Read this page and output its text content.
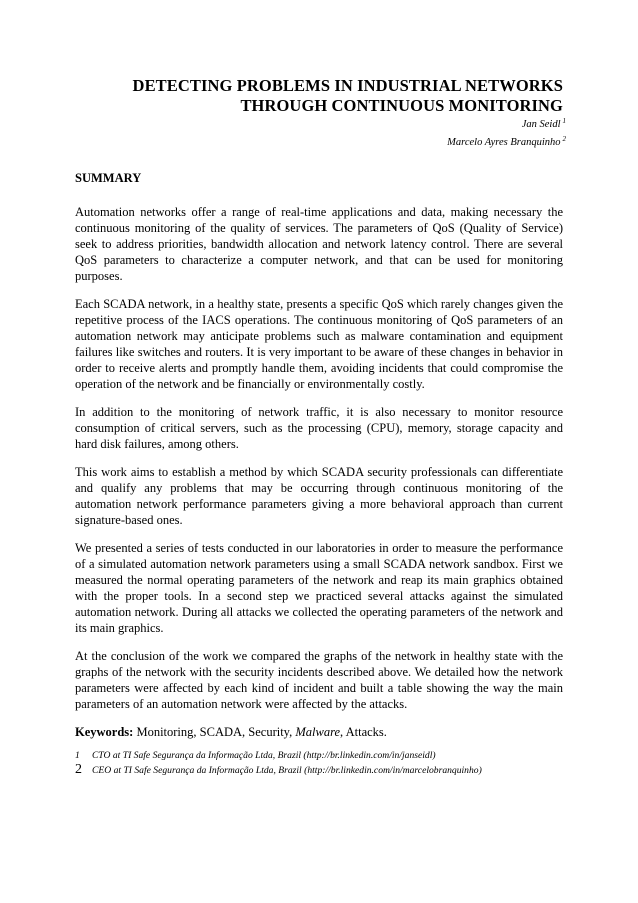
DETECTING PROBLEMS IN INDUSTRIAL NETWORKS
THROUGH CONTINUOUS MONITORING
Jan Seidl $^1$
Marcelo Ayres Branquinho $^2$
SUMMARY

Automation networks offer a range of real-time applications and data, making necessary the continuous monitoring of the quality of services. The parameters of QoS (Quality of Service) seek to address priorities, bandwidth allocation and network latency control. There are several QoS parameters to characterize a computer network, and that can be used for monitoring purposes.

Each SCADA network, in a healthy state, presents a specific QoS which rarely changes given the repetitive process of the IACS operations. The continuous monitoring of QoS parameters of an automation network may anticipate problems such as malware contamination and equipment failures like switches and routers. It is very important to be aware of these changes in behavior in order to receive alerts and promptly handle them, avoiding incidents that could compromise the operation of the network and be financially or environmentally costly.

In addition to the monitoring of network traffic, it is also necessary to monitor resource consumption of critical servers, such as the processing (CPU), memory, storage capacity and hard disk failures, among others.

This work aims to establish a method by which SCADA security professionals can differentiate and qualify any problems that may be occurring through continuous monitoring of the automation network performance parameters giving a more behavioral approach than current signature-based ones.

We presented a series of tests conducted in our laboratories in order to measure the performance of a simulated automation network parameters using a small SCADA network sandbox. First we measured the normal operating parameters of the network and reap its main graphics obtained with the proper tools. In a second step we practiced several attacks against the simulated automation network. During all attacks we collected the operating parameters of the network and its main graphics.

At the conclusion of the work we compared the graphs of the network in healthy state with the graphs of the network with the security incidents described above. We detailed how the network parameters were affected by each kind of incident and built a table showing the way the main parameters of an automation network were affected by the attacks.

Keywords: Monitoring, SCADA, Security, Malware, Attacks.
1 CTO at TI Safe Segurança da Informação Ltda, Brazil (http://br.linkedin.com/in/janseidl)
2 CEO at TI Safe Segurança da Informação Ltda, Brazil (http://br.linkedin.com/in/marcelobranquinho)
